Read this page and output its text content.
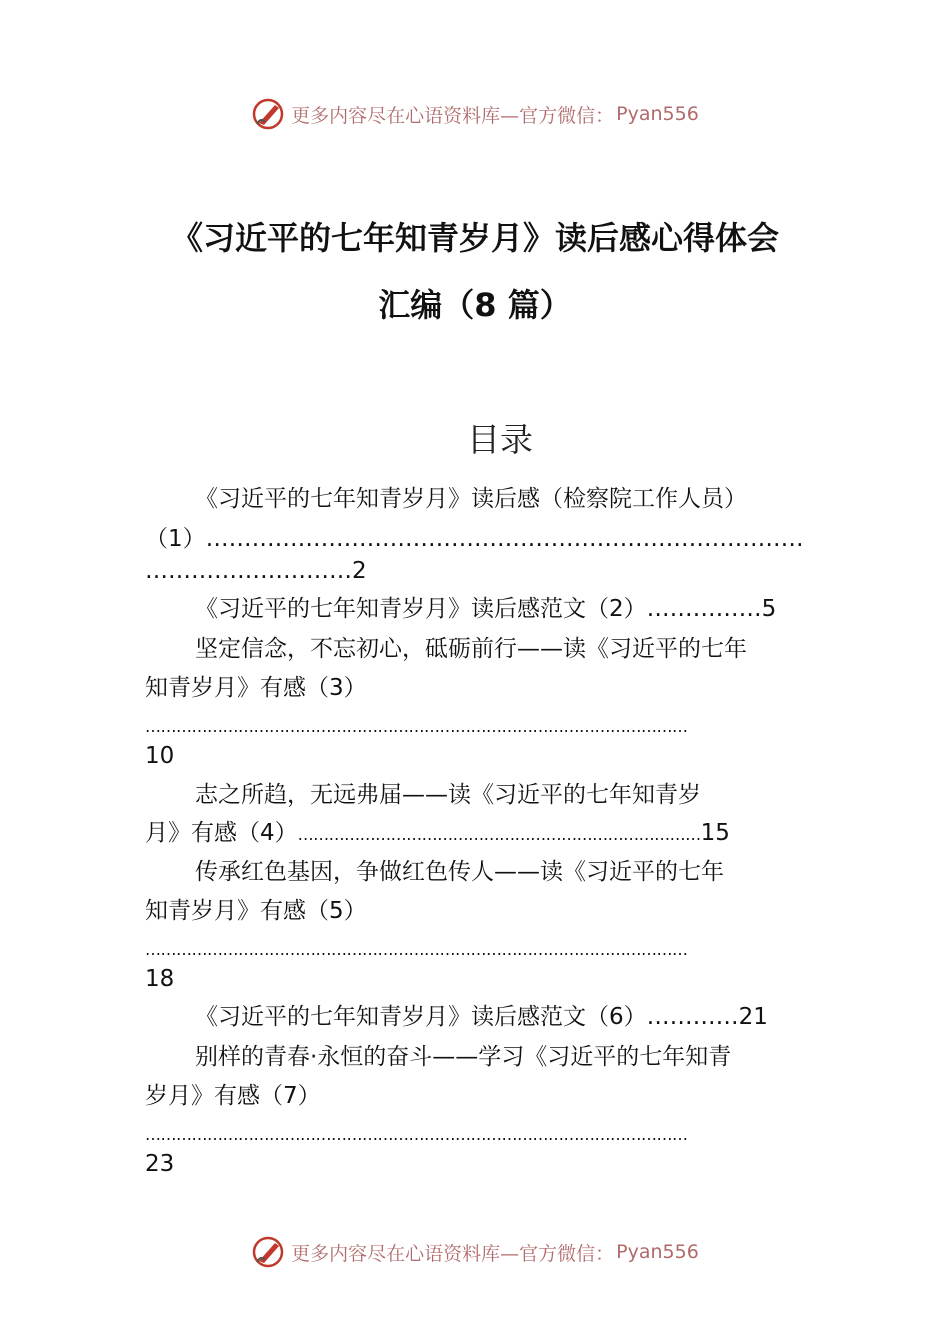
更多内容尽在心语资料库—官方微信： Pyan556
《习近平的七年知青岁月》读后感心得体会
汇编（8 篇）
目录
《习近平的七年知青岁月》读后感（检察院工作人员）
（1）……………………………………………………………………
………………………2
《习近平的七年知青岁月》读后感范文（2）……………5
坚定信念，不忘初心，砥砺前行——读《习近平的七年
知青岁月》有感（3）
……………………………………………………………………………………………
10
志之所趋，无远弗届——读《习近平的七年知青岁
月》有感（4）……………………………………………………………………15
传承红色基因，争做红色传人——读《习近平的七年
知青岁月》有感（5）
……………………………………………………………………………………………
18
《习近平的七年知青岁月》读后感范文（6）…………21
别样的青春·永恒的奋斗——学习《习近平的七年知青
岁月》有感（7）
……………………………………………………………………………………………
23
更多内容尽在心语资料库—官方微信： Pyan556
